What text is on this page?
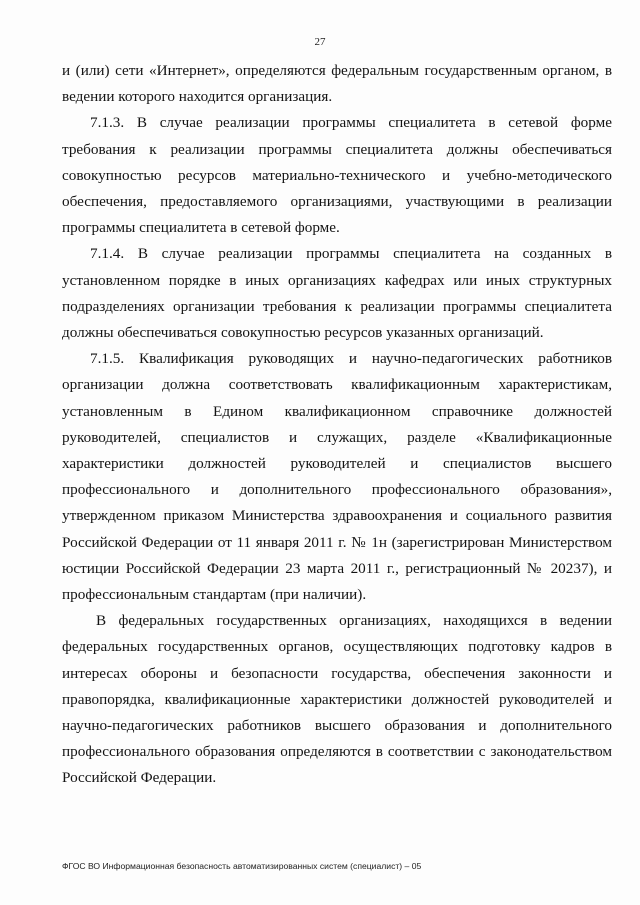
27

и (или) сети «Интернет», определяются федеральным государственным органом, в ведении которого находится организация.

7.1.3. В случае реализации программы специалитета в сетевой форме требования к реализации программы специалитета должны обеспечиваться совокупностью ресурсов материально-технического и учебно-методического обеспечения, предоставляемого организациями, участвующими в реализации программы специалитета в сетевой форме.

7.1.4. В случае реализации программы специалитета на созданных в установленном порядке в иных организациях кафедрах или иных структурных подразделениях организации требования к реализации программы специалитета должны обеспечиваться совокупностью ресурсов указанных организаций.

7.1.5. Квалификация руководящих и научно-педагогических работников организации должна соответствовать квалификационным характеристикам, установленным в Едином квалификационном справочнике должностей руководителей, специалистов и служащих, разделе «Квалификационные характеристики должностей руководителей и специалистов высшего профессионального и дополнительного профессионального образования», утвержденном приказом Министерства здравоохранения и социального развития Российской Федерации от 11 января 2011 г. № 1н (зарегистрирован Министерством юстиции Российской Федерации 23 марта 2011 г., регистрационный № 20237), и профессиональным стандартам (при наличии).

В федеральных государственных организациях, находящихся в ведении федеральных государственных органов, осуществляющих подготовку кадров в интересах обороны и безопасности государства, обеспечения законности и правопорядка, квалификационные характеристики должностей руководителей и научно-педагогических работников высшего образования и дополнительного профессионального образования определяются в соответствии с законодательством Российской Федерации.

ФГОС ВО Информационная безопасность автоматизированных систем (специалист) – 05
